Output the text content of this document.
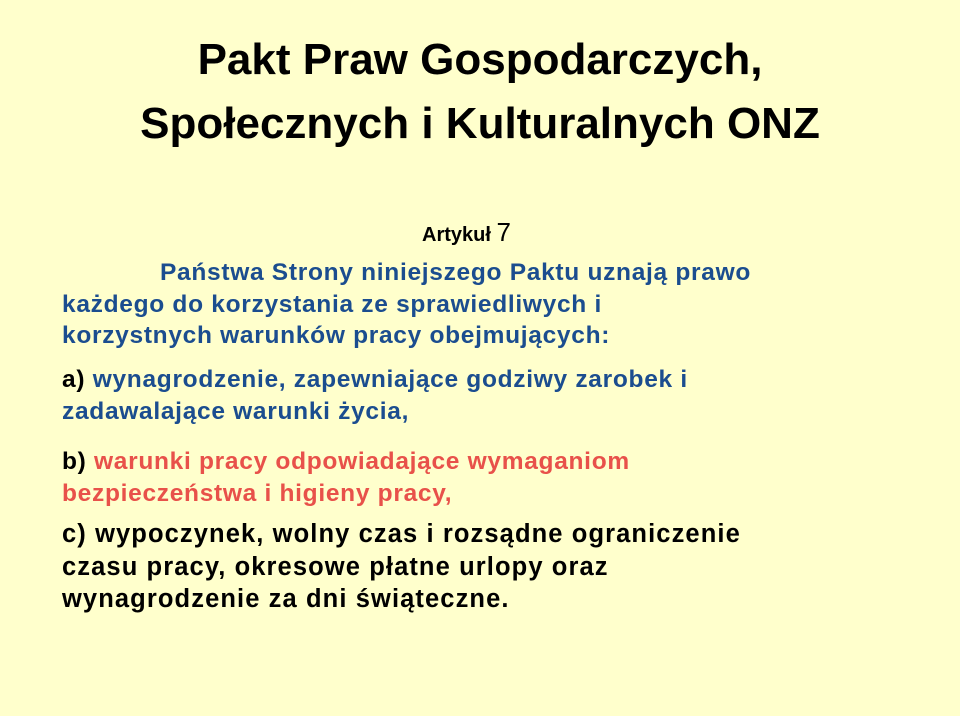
Pakt Praw Gospodarczych,
Społecznych i Kulturalnych ONZ
Artykuł 7
Państwa Strony niniejszego Paktu uznają prawo
każdego do korzystania ze sprawiedliwych i
korzystnych warunków pracy obejmujących:
a) wynagrodzenie, zapewniające godziwy zarobek i
zadawalające warunki życia,
b) warunki pracy odpowiadające wymaganiom
bezpieczeństwa i higieny pracy,
c) wypoczynek, wolny czas i rozsądne ograniczenie
czasu pracy, okresowe płatne urlopy oraz
wynagrodzenie za dni świąteczne.
